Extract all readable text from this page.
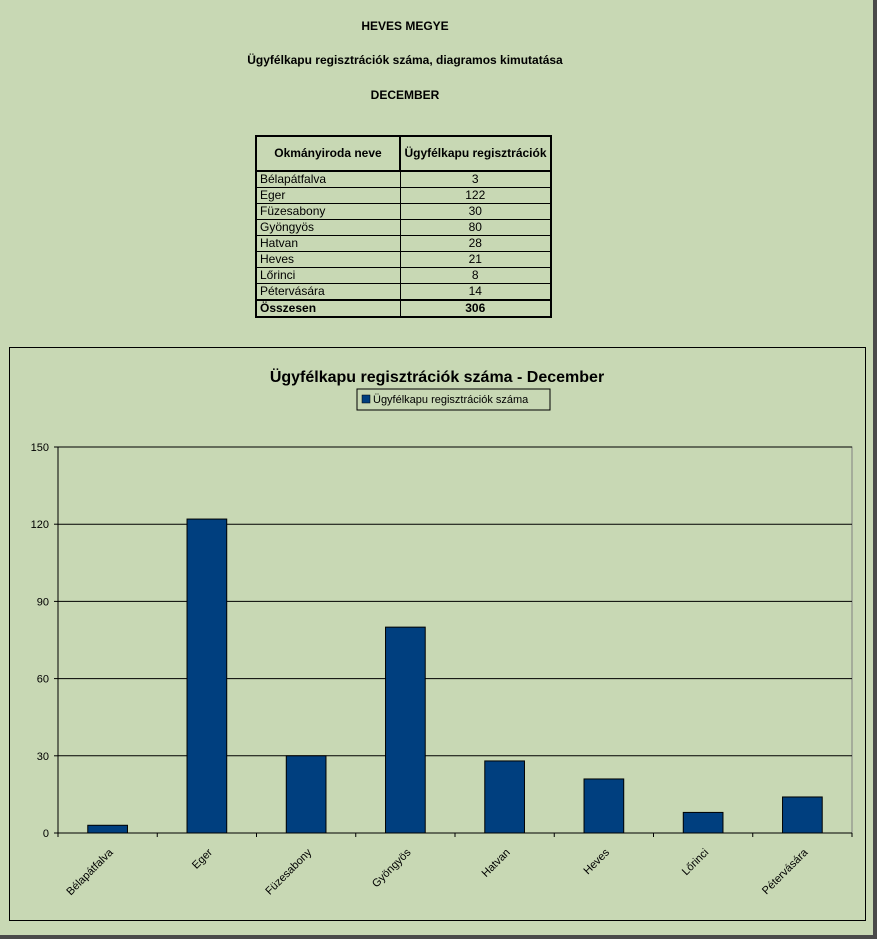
HEVES MEGYE
Ügyfélkapu regisztrációk száma, diagramos kimutatása
DECEMBER
Okmányiroda neve	Ügyfélkapu regisztrációk
Bélapátfalva	3
Eger	122
Füzesabony	30
Gyöngyös	80
Hatvan	28
Heves	21
Lőrinci	8
Pétervására	14
Összesen	306
Ügyfélkapu regisztrációk száma - December
Ügyfélkapu regisztrációk száma
0
30
60
90
120
150
Bélapátfalva	Eger	Füzesabony	Gyöngyös	Hatvan	Heves	Lőrinci	Pétervására
